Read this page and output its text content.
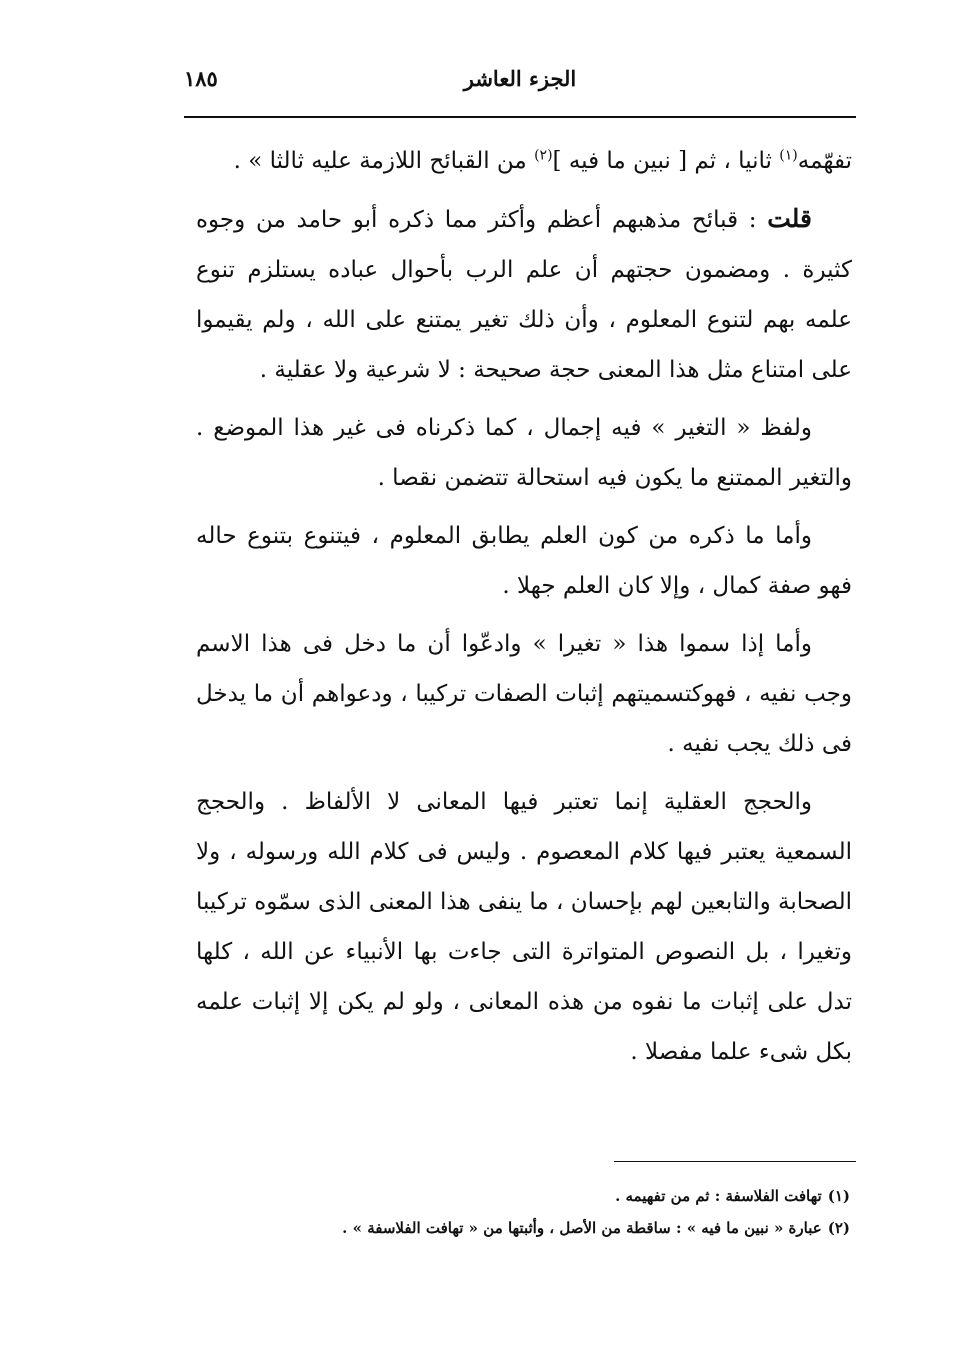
الجزء العاشر
١٨٥

تفهّمه$^{(١)}$ ثانيا ، ثم [ نبين ما فيه ]$^{(٢)}$ من القبائح اللازمة عليه ثالثا » .

قلت : قبائح مذهبهم أعظم وأكثر مما ذكره أبو حامد من وجوه كثيرة . ومضمون حجتهم أن علم الرب بأحوال عباده يستلزم تنوع علمه بهم لتنوع المعلوم ، وأن ذلك تغير يمتنع على الله ، ولم يقيموا على امتناع مثل هذا المعنى حجة صحيحة : لا شرعية ولا عقلية .

ولفظ « التغير » فيه إجمال ، كما ذكرناه فى غير هذا الموضع . والتغير الممتنع ما يكون فيه استحالة تتضمن نقصا .

وأما ما ذكره من كون العلم يطابق المعلوم ، فيتنوع بتنوع حاله فهو صفة كمال ، وإلا كان العلم جهلا .

وأما إذا سموا هذا « تغيرا » وادعّوا أن ما دخل فى هذا الاسم وجب نفيه ، فهوكتسميتهم إثبات الصفات تركيبا ، ودعواهم أن ما يدخل فى ذلك يجب نفيه .

والحجج العقلية إنما تعتبر فيها المعانى لا الألفاظ . والحجج السمعية يعتبر فيها كلام المعصوم . وليس فى كلام الله ورسوله ، ولا الصحابة والتابعين لهم بإحسان ، ما ينفى هذا المعنى الذى سمّوه تركيبا وتغيرا ، بل النصوص المتواترة التى جاءت بها الأنبياء عن الله ، كلها تدل على إثبات ما نفوه من هذه المعانى ، ولو لم يكن إلا إثبات علمه بكل شىء علما مفصلا .

(١)تهافت الفلاسفة : ثم من تفهيمه .

(٢)عبارة « نبين ما فيه » : ساقطة من الأصل ، وأثبتها من « تهافت الفلاسفة » .
